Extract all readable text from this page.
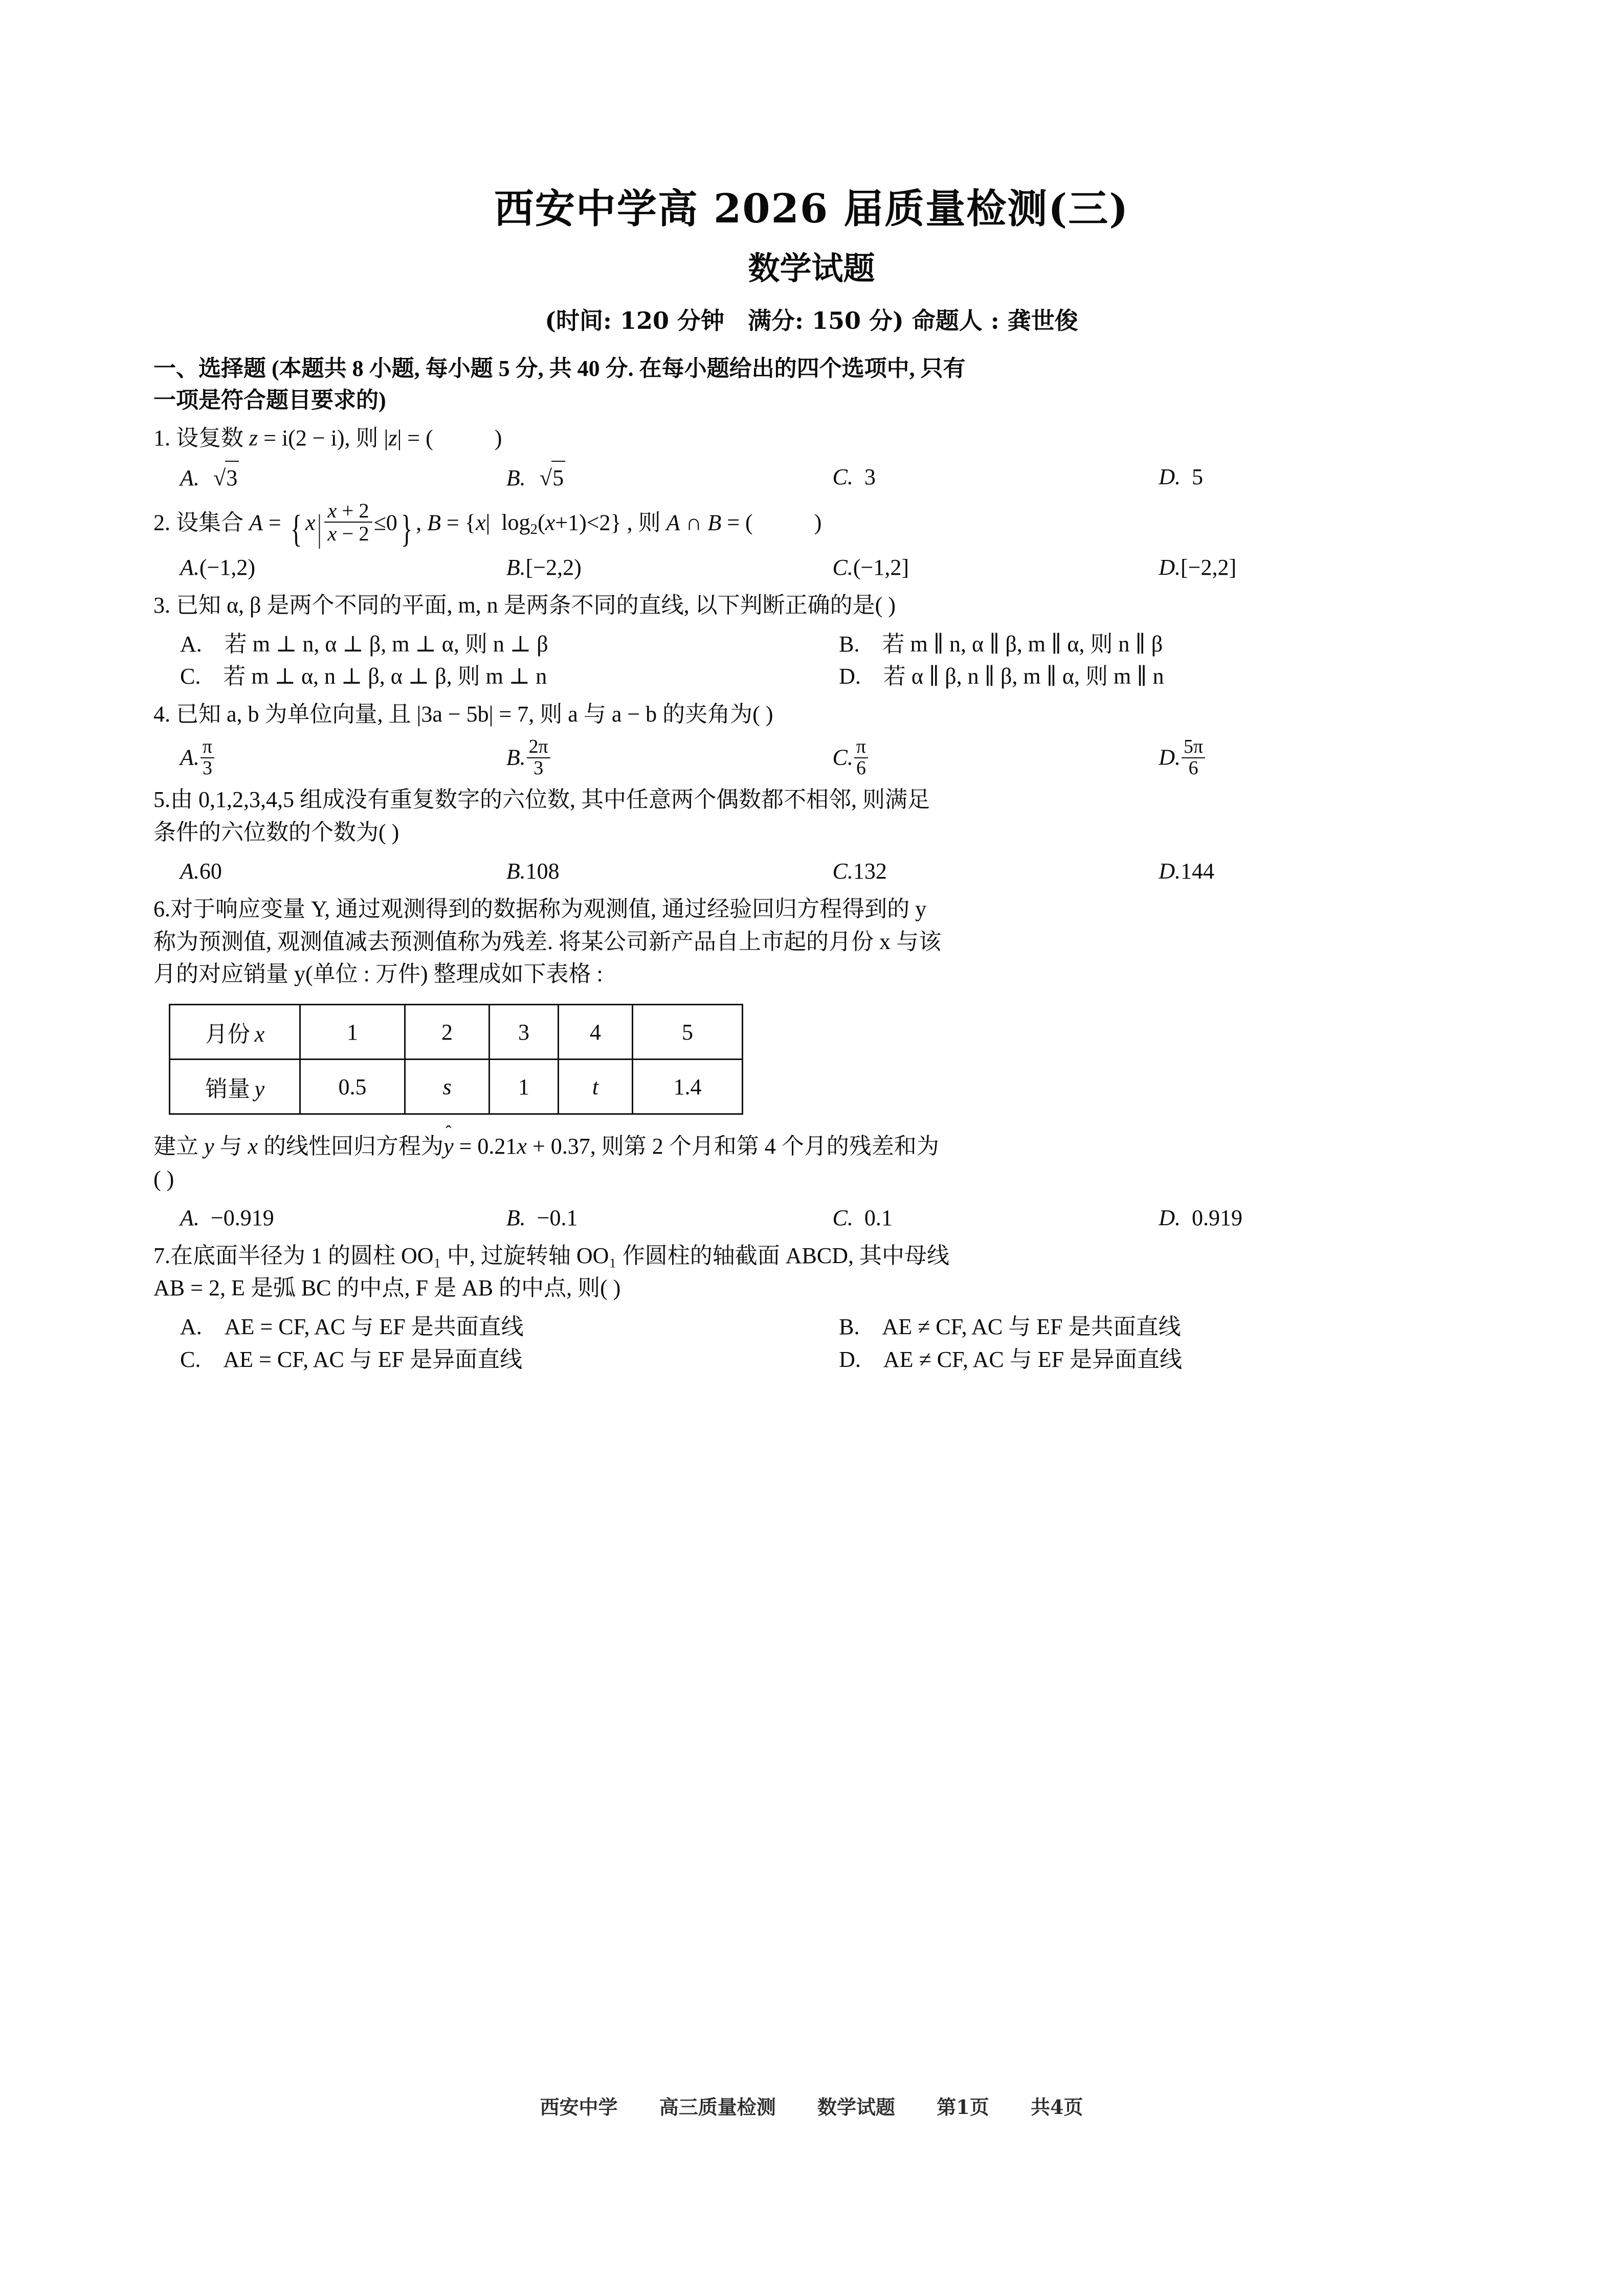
西安中学高 2026 届质量检测(三)
数学试题
(时间: 120 分钟 满分: 150 分) 命题人 : 龚世俊
一、选择题 (本题共 8 小题, 每小题 5 分, 共 40 分. 在每小题给出的四个选项中, 只有
一项是符合题目要求的)
1. 设复数 z = i(2 − i), 则 |z| = (	)
A. √3	B. √5	C. 3	D. 5
2. 设集合 A = { $x| \frac{x + 2}{x - 2} \le 0$} , B = {x|  $\log_2(x+1)<2$} , 则 A ∩ B = (	)
A.(−1,2)	B.[−2,2)	C.(−1,2]	D.[−2,2]
3. 已知 α, β 是两个不同的平面, m, n 是两条不同的直线, 以下判断正确的是( )
A. 若 m ⊥ n, α ⊥ β, m ⊥ α, 则 n ⊥ β	B. 若 m ∥ n, α ∥ β, m ∥ α, 则 n ∥ β
C. 若 m ⊥ α, n ⊥ β, α ⊥ β, 则 m ⊥ n	D. 若 α ∥ β, n ∥ β, m ∥ α, 则 m ∥ n
4. 已知 a, b 为单位向量, 且 |3a − 5b| = 7, 则 a 与 a − b 的夹角为( )
A. $\frac{\pi}{3}$	B. $\frac{2\pi}{3}$	C. $\frac{\pi}{6}$	D. $\frac{5\pi}{6}$
5.由 0,1,2,3,4,5 组成没有重复数字的六位数, 其中任意两个偶数都不相邻, 则满足
条件的六位数的个数为( )
A.60	B.108	C.132	D.144
6.对于响应变量 Y, 通过观测得到的数据称为观测值, 通过经验回归方程得到的 y
称为预测值, 观测值减去预测值称为残差. 将某公司新产品自上市起的月份 x 与该
月的对应销量 y(单位 : 万件) 整理成如下表格 :
月份 x	1	2	3	4	5
销量 y	0.5	s	1	t	1.4
建立 y 与 x 的线性回归方程为
y = 0.21x + 0.37, 则第 2 个月和第 4 个月的残差和为
( )
A. −0.919	B. −0.1	C. 0.1	D. 0.919
7.在底面半径为 1 的圆柱 OO₁ 中, 过旋转轴 OO₁ 作圆柱的轴截面 ABCD, 其中母线
AB = 2, E 是弧 BC 的中点, F 是 AB 的中点, 则( )
A. AE = CF, AC 与 EF 是共面直线	B. AE ≠ CF, AC 与 EF 是共面直线
C. AE = CF, AC 与 EF 是异面直线	D. AE ≠ CF, AC 与 EF 是异面直线
西安中学 高三质量检测 数学试题 第1页 共4页
